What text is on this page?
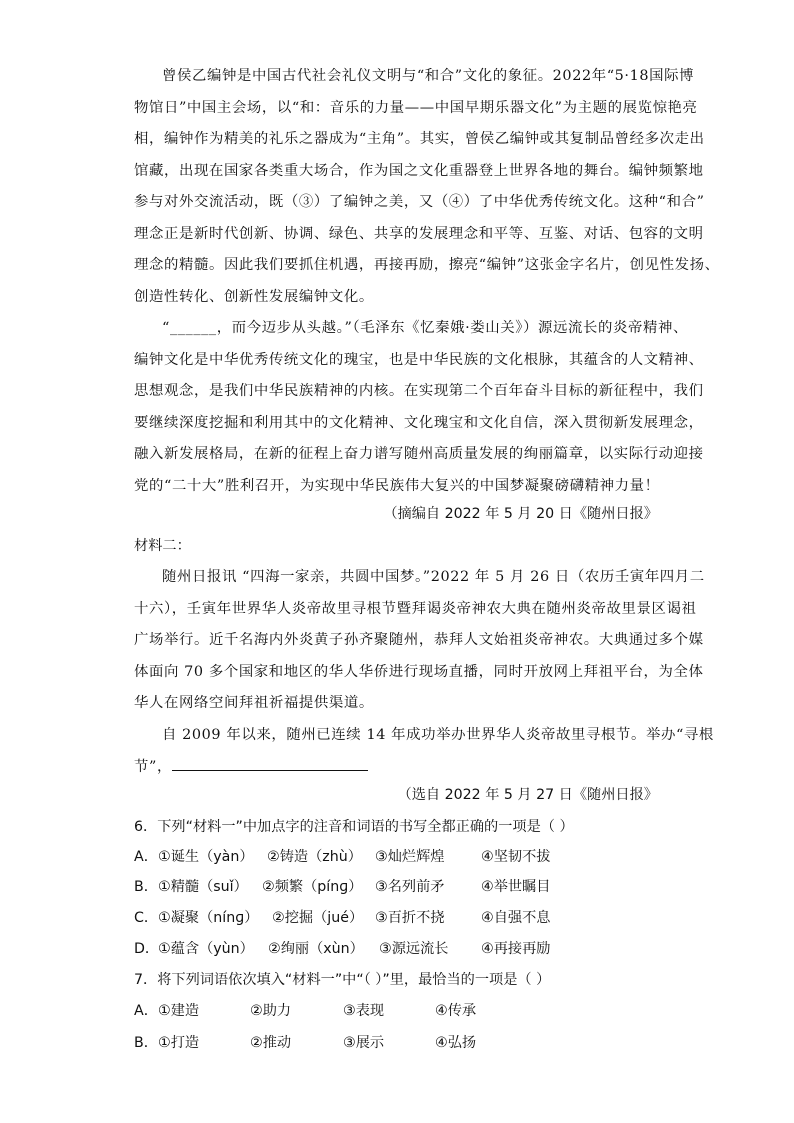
曾侯乙编钟是中国古代社会礼仪文明与“和合”文化的象征。2022年“5·18国际博
物馆日”中国主会场，以“和：音乐的力量——中国早期乐器文化”为主题的展览惊艳亮
相，编钟作为精美的礼乐之器成为“主角”。其实，曾侯乙编钟或其复制品曾经多次走出
馆藏，出现在国家各类重大场合，作为国之文化重器登上世界各地的舞台。编钟频繁地
参与对外交流活动，既（③）了编钟之美，又（④）了中华优秀传统文化。这种“和合”
理念正是新时代创新、协调、绿色、共享的发展理念和平等、互鉴、对话、包容的文明
理念的精髓。因此我们要抓住机遇，再接再励，擦亮“编钟”这张金字名片，创见性发扬、
创造性转化、创新性发展编钟文化。
“______，而今迈步从头越。”（毛泽东《忆秦娥·娄山关》）源远流长的炎帝精神、
编钟文化是中华优秀传统文化的瑰宝，也是中华民族的文化根脉，其蕴含的人文精神、
思想观念，是我们中华民族精神的内核。在实现第二个百年奋斗目标的新征程中，我们
要继续深度挖掘和利用其中的文化精神、文化瑰宝和文化自信，深入贯彻新发展理念，
融入新发展格局，在新的征程上奋力谱写随州高质量发展的绚丽篇章，以实际行动迎接
党的“二十大”胜利召开，为实现中华民族伟大复兴的中国梦凝聚磅礴精神力量！
（摘编自 2022 年 5 月 20 日《随州日报》
材料二：
随州日报讯 “四海一家亲，共圆中国梦。”2022 年 5 月 26 日（农历壬寅年四月二
十六），壬寅年世界华人炎帝故里寻根节暨拜谒炎帝神农大典在随州炎帝故里景区谒祖
广场举行。近千名海内外炎黄子孙齐聚随州，恭拜人文始祖炎帝神农。大典通过多个媒
体面向 70 多个国家和地区的华人华侨进行现场直播，同时开放网上拜祖平台，为全体
华人在网络空间拜祖祈福提供渠道。
自 2009 年以来，随州已连续 14 年成功举办世界华人炎帝故里寻根节。举办“寻根
节”，
（选自 2022 年 5 月 27 日《随州日报》
6．下列“材料一”中加点字的注音和词语的书写全都正确的一项是（ ）
A． ①诞生（yàn） ②铸造（zhù） ③灿烂辉煌	④坚韧不拔
B． ①精髓（suǐ） ②频繁（pínɡ） ③名列前矛	④举世瞩目
C． ①凝聚（nínɡ） ②挖掘（jué） ③百折不挠	④自强不息
D．
①蕴含（yùn） ②绚丽（xùn） ③源远流长 ④再接再励
7．将下列词语依次填入“材料一”中“（ ）”里，最恰当的一项是（ ）
A． ①建造	②助力	③表现	④传承
B． ①打造	②推动	③展示	④弘扬
